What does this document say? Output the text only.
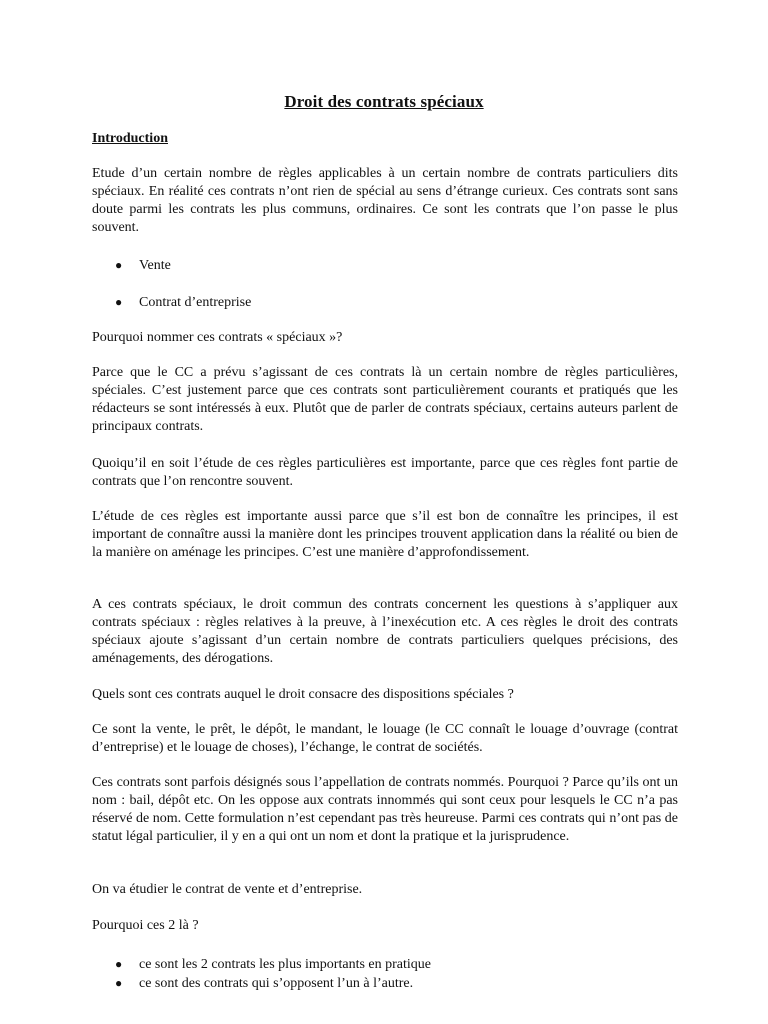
Droit des contrats spéciaux
Introduction
Etude d’un certain nombre de règles applicables à un certain nombre de contrats particuliers dits spéciaux. En réalité ces contrats n’ont rien de spécial au sens d’étrange curieux. Ces contrats sont sans doute parmi les contrats les plus communs, ordinaires. Ce sont les contrats que l’on passe le plus souvent.
● Vente
● Contrat d’entreprise
Pourquoi nommer ces contrats « spéciaux »?
Parce que le CC a prévu s’agissant de ces contrats là un certain nombre de règles particulières, spéciales. C’est justement parce que ces contrats sont particulièrement courants et pratiqués que les rédacteurs se sont intéressés à eux. Plutôt que de parler de contrats spéciaux, certains auteurs parlent de principaux contrats.
Quoiqu’il en soit l’étude de ces règles particulières est importante, parce que ces règles font partie de contrats que l’on rencontre souvent.
L’étude de ces règles est importante aussi parce que s’il est bon de connaître les principes, il est important de connaître aussi la manière dont les principes trouvent application dans la réalité ou bien de la manière on aménage les principes. C’est une manière d’approfondissement.
A ces contrats spéciaux, le droit commun des contrats concernent les questions à s’appliquer aux contrats spéciaux : règles relatives à la preuve, à l’inexécution etc. A ces règles le droit des contrats spéciaux ajoute s’agissant d’un certain nombre de contrats particuliers quelques précisions, des aménagements, des dérogations.
Quels sont ces contrats auquel le droit consacre des dispositions spéciales ?
Ce sont la vente, le prêt, le dépôt, le mandant, le louage (le CC connaît le louage d’ouvrage (contrat d’entreprise) et le louage de choses), l’échange, le contrat de sociétés.
Ces contrats sont parfois désignés sous l’appellation de contrats nommés. Pourquoi ? Parce qu’ils ont un nom : bail, dépôt etc. On les oppose aux contrats innommés qui sont ceux pour lesquels le CC n’a pas réservé de nom. Cette formulation n’est cependant pas très heureuse. Parmi ces contrats qui n’ont pas de statut légal particulier, il y en a qui ont un nom et dont la pratique et la jurisprudence.
On va étudier le contrat de vente et d’entreprise.
Pourquoi ces 2 là ?
● ce sont les 2 contrats les plus importants en pratique
● ce sont des contrats qui s’opposent l’un à l’autre.
